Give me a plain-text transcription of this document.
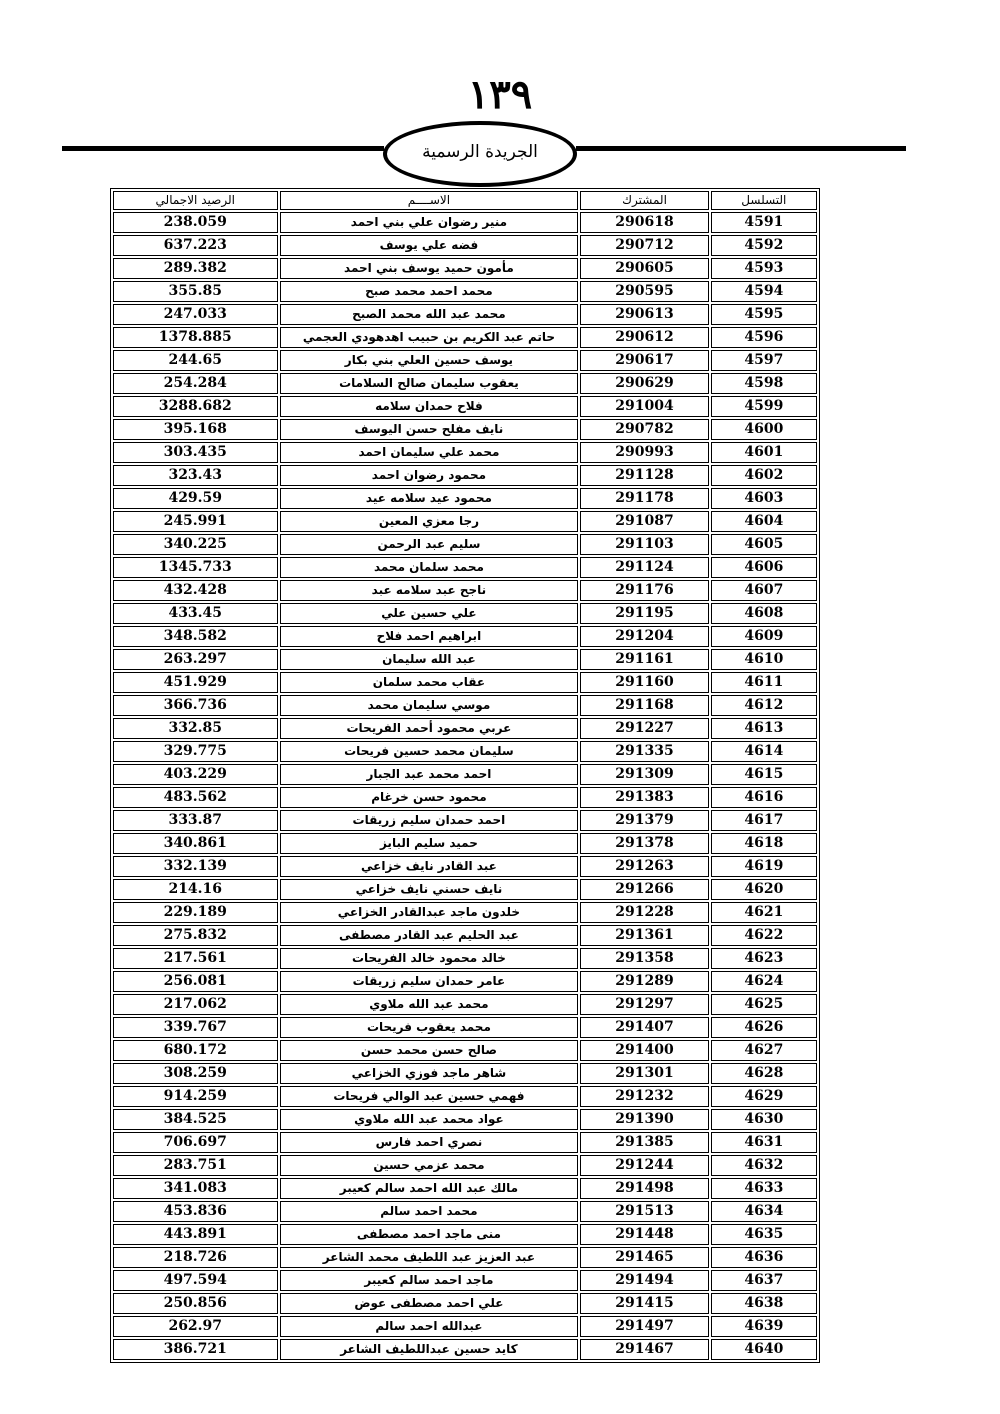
١٣٩
الجريدة الرسمية
التسلسل	المشترك	الاســــم	الرصيد الاجمالي
4591	290618	منير رضوان علي بني احمد	238.059
4592	290712	فضه علي يوسف	637.223
4593	290605	مأمون حميد يوسف بني احمد	289.382
4594	290595	محمد احمد محمد صبح	355.85
4595	290613	محمد عبد الله محمد الصبح	247.033
4596	290612	حاتم عبد الكريم بن حبيب اهدهودي العجمي	1378.885
4597	290617	يوسف حسين العلي بني بكار	244.65
4598	290629	يعقوب سليمان صالح السلامات	254.284
4599	291004	فلاح حمدان سلامه	3288.682
4600	290782	نايف مفلح حسن اليوسف	395.168
4601	290993	محمد علي سليمان احمد	303.435
4602	291128	محمود رضوان احمد	323.43
4603	291178	محمود عيد سلامه عيد	429.59
4604	291087	رجا معزي المعين	245.991
4605	291103	سليم عبد الرحمن	340.225
4606	291124	محمد سلمان محمد	1345.733
4607	291176	ناجح عبد سلامه عبد	432.428
4608	291195	علي حسين علي	433.45
4609	291204	ابراهيم احمد فلاح	348.582
4610	291161	عبد الله سليمان	263.297
4611	291160	عقاب محمد سلمان	451.929
4612	291168	موسي سليمان محمد	366.736
4613	291227	عربي محمود أحمد الفريحات	332.85
4614	291335	سليمان محمد حسين فريحات	329.775
4615	291309	احمد محمد عبد الجبار	403.229
4616	291383	محمود حسن خرغام	483.562
4617	291379	احمد حمدان سليم زريقات	333.87
4618	291378	حميد سليم البايز	340.861
4619	291263	عبد القادر نايف خزاعي	332.139
4620	291266	نايف حسني نايف خزاعي	214.16
4621	291228	خلدون ماجد عبدالقادر الخزاعي	229.189
4622	291361	عبد الحليم عبد القادر مصطفى	275.832
4623	291358	خالد محمود خالد الفريحات	217.561
4624	291289	عامر حمدان سليم زريقات	256.081
4625	291297	محمد عبد الله ملاوي	217.062
4626	291407	محمد يعقوب فريحات	339.767
4627	291400	صالح حسن محمد حسن	680.172
4628	291301	شاهر ماجد فوزي الخزاعي	308.259
4629	291232	فهمي حسين عبد الوالي فريحات	914.259
4630	291390	عواد محمد عبد الله ملاوي	384.525
4631	291385	نصري احمد فارس	706.697
4632	291244	محمد عزمي حسين	283.751
4633	291498	مالك عبد الله احمد سالم كعيبر	341.083
4634	291513	محمد احمد سالم	453.836
4635	291448	منى ماجد احمد مصطفى	443.891
4636	291465	عبد العزيز عبد اللطيف محمد الشاعر	218.726
4637	291494	ماجد احمد سالم كعيبر	497.594
4638	291415	علي احمد مصطفى عوض	250.856
4639	291497	عبدالله احمد سالم	262.97
4640	291467	كايد حسين عبداللطيف الشاعر	386.721
